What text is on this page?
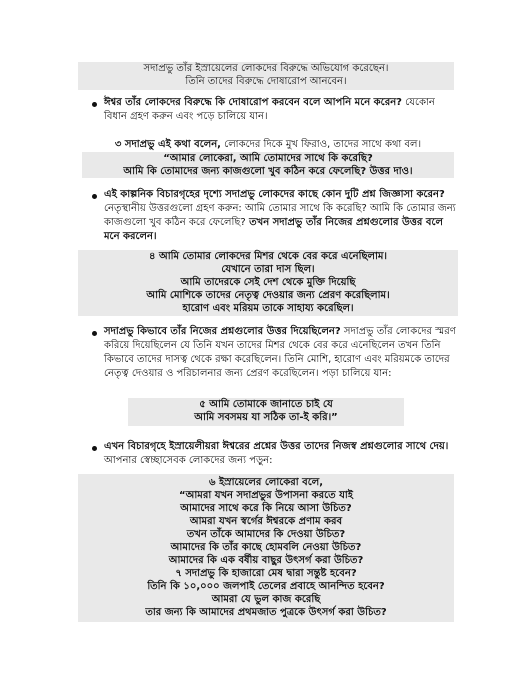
সদাপ্রভু তাঁর ইস্রায়েলের লোকদের বিরুদ্ধে অভিযোগ করেছেন।
তিনি তাদের বিরুদ্ধে দোষারোপ আনবেন।
ঈশ্বর তাঁর লোকদের বিরুদ্ধে কি দোষারোপ করবেন বলে আপনি মনে করেন? যেকোন বিধান গ্রহণ করুন এবং পড়ে চালিয়ে যান।
৩ সদাপ্রভু এই কথা বলেন, লোকদের দিকে মুখ ফিরাও, তাদের সাথে কথা বল।
“আমার লোকেরা, আমি তোমাদের সাথে কি করেছি?
আমি কি তোমাদের জন্য কাজগুলো খুব কঠিন করে ফেলেছি? উত্তর দাও।
এই কাল্পনিক বিচারগৃহের দৃশ্যে সদাপ্রভু লোকদের কাছে কোন দুটি প্রশ্ন জিজ্ঞাসা করেন? নেতৃস্থানীয় উত্তরগুলো গ্রহণ করুন: আমি তোমার সাথে কি করেছি? আমি কি তোমার জন্য কাজগুলো খুব কঠিন করে ফেলেছি? তখন সদাপ্রভু তাঁর নিজের প্রশ্নগুলোর উত্তর বলে মনে করলেন।
৪ আমি তোমার লোকদের মিশর থেকে বের করে এনেছিলাম।
যেখানে তারা দাস ছিল।
আমি তাদেরকে সেই দেশ থেকে মুক্তি দিয়েছি
আমি মোশিকে তাদের নেতৃত্ব দেওয়ার জন্য প্রেরণ করেছিলাম।
হারোণ এবং মরিয়ম তাকে সাহায্য করেছিল।
সদাপ্রভু কিভাবে তাঁর নিজের প্রশ্নগুলোর উত্তর দিয়েছিলেন? সদাপ্রভু তাঁর লোকদের স্মরণ করিয়ে দিয়েছিলেন যে তিনি যখন তাদের মিশর থেকে বের করে এনেছিলেন তখন তিনি কিভাবে তাদের দাসত্ব থেকে রক্ষা করেছিলেন। তিনি মোশি, হারোণ এবং মরিয়মকে তাদের নেতৃত্ব দেওয়ার ও পরিচালনার জন্য প্রেরণ করেছিলেন। পড়া চালিয়ে যান:
৫ আমি তোমাকে জানাতে চাই যে
আমি সবসময় যা সঠিক তা-ই করি।”
এখন বিচারগৃহে ইস্রায়েলীয়রা ঈশ্বরের প্রশ্নের উত্তর তাদের নিজস্ব প্রশ্নগুলোর সাথে দেয়। আপনার স্বেচ্ছাসেবক লোকদের জন্য পড়ুন:
৬ ইস্রায়েলের লোকেরা বলে,
“আমরা যখন সদাপ্রভুর উপাসনা করতে যাই
আমাদের সাথে করে কি নিয়ে আসা উচিত?
আমরা যখন স্বর্গের ঈশ্বরকে প্রণাম করব
তখন তাঁকে আমাদের কি দেওয়া উচিত?
আমাদের কি তাঁর কাছে হোমবলি নেওয়া উচিত?
আমাদের কি এক বর্ষীয় বাছুর উৎসর্গ করা উচিত?
৭ সদাপ্রভু কি হাজারো মেষ দ্বারা সন্তুষ্ট হবেন?
তিনি কি ১০,০০০ জলপাই তেলের প্রবাহে আনন্দিত হবেন?
আমরা যে ভুল কাজ করেছি
তার জন্য কি আমাদের প্রথমজাত পুত্রকে উৎসর্গ করা উচিত?
